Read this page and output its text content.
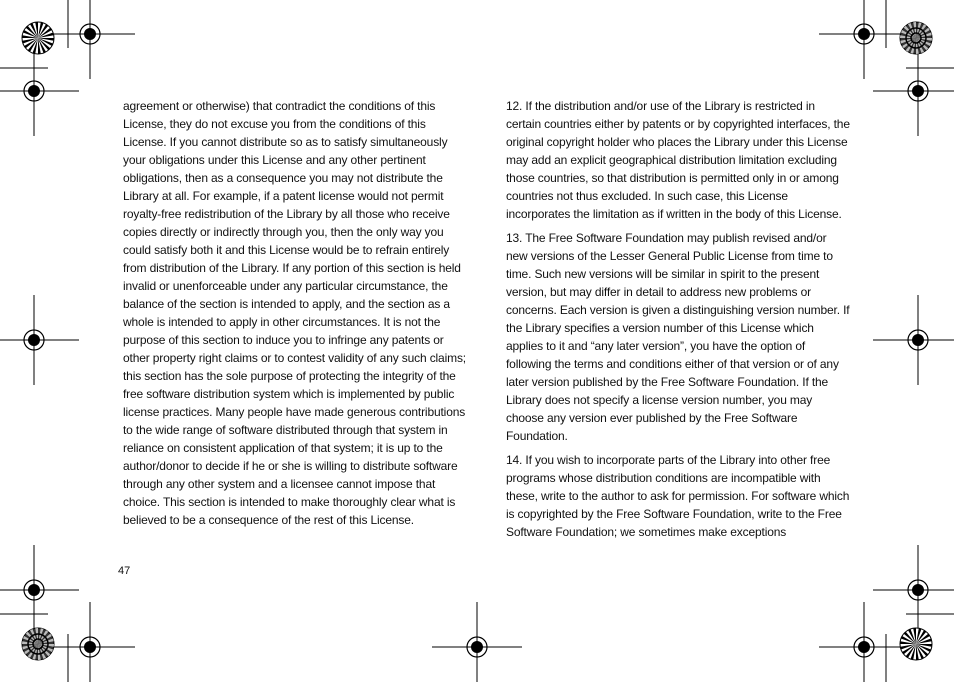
agreement or otherwise) that contradict the conditions of this License, they do not excuse you from the conditions of this License. If you cannot distribute so as to satisfy simultaneously your obligations under this License and any other pertinent obligations, then as a consequence you may not distribute the Library at all. For example, if a patent license would not permit royalty-free redistribution of the Library by all those who receive copies directly or indirectly through you, then the only way you could satisfy both it and this License would be to refrain entirely from distribution of the Library. If any portion of this section is held invalid or unenforceable under any particular circumstance, the balance of the section is intended to apply, and the section as a whole is intended to apply in other circumstances. It is not the purpose of this section to induce you to infringe any patents or other property right claims or to contest validity of any such claims; this section has the sole purpose of protecting the integrity of the free software distribution system which is implemented by public license practices. Many people have made generous contributions to the wide range of software distributed through that system in reliance on consistent application of that system; it is up to the author/donor to decide if he or she is willing to distribute software through any other system and a licensee cannot impose that choice. This section is intended to make thoroughly clear what is believed to be a consequence of the rest of this License.

12. If the distribution and/or use of the Library is restricted in certain countries either by patents or by copyrighted interfaces, the original copyright holder who places the Library under this License may add an explicit geographical distribution limitation excluding those countries, so that distribution is permitted only in or among countries not thus excluded. In such case, this License incorporates the limitation as if written in the body of this License.

13. The Free Software Foundation may publish revised and/or new versions of the Lesser General Public License from time to time. Such new versions will be similar in spirit to the present version, but may differ in detail to address new problems or concerns. Each version is given a distinguishing version number. If the Library specifies a version number of this License which applies to it and “any later version”, you have the option of following the terms and conditions either of that version or of any later version published by the Free Software Foundation. If the Library does not specify a license version number, you may choose any version ever published by the Free Software Foundation.

14. If you wish to incorporate parts of the Library into other free programs whose distribution conditions are incompatible with these, write to the author to ask for permission. For software which is copyrighted by the Free Software Foundation, write to the Free Software Foundation; we sometimes make exceptions

47
